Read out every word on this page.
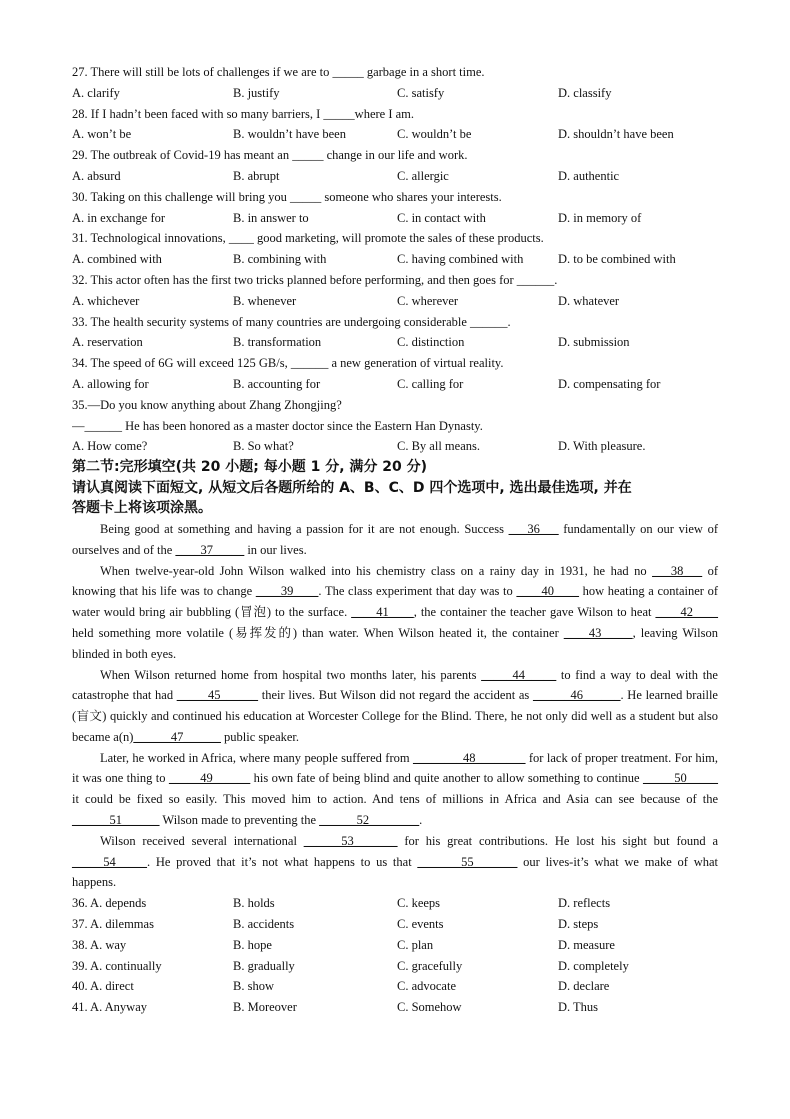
27. There will still be lots of challenges if we are to _____ garbage in a short time.
A. clarify	B. justify	C. satisfy	D. classify
28. If I hadn’t been faced with so many barriers, I _____where I am.
A. won’t be	B. wouldn’t have been	C. wouldn’t be	D. shouldn’t have been
29. The outbreak of Covid-19 has meant an _____ change in our life and work.
A. absurd	B. abrupt	C. allergic	D. authentic
30. Taking on this challenge will bring you _____ someone who shares your interests.
A. in exchange for	B. in answer to	C. in contact with	D. in memory of
31. Technological innovations, ____ good marketing, will promote the sales of these products.
A. combined with	B. combining with	C. having combined with	D. to be combined with
32. This actor often has the first two tricks planned before performing, and then goes for ______.
A. whichever	B. whenever	C. wherever	D. whatever
33. The health security systems of many countries are undergoing considerable ______.
A. reservation	B. transformation	C. distinction	D. submission
34. The speed of 6G will exceed 125 GB/s, ______ a new generation of virtual reality.
A. allowing for	B. accounting for	C. calling for	D. compensating for
35.—Do you know anything about Zhang Zhongjing?
—______ He has been honored as a master doctor since the Eastern Han Dynasty.
A. How come?	B. So what?	C. By all means.	D. With pleasure.
第二节:完形填空(共 20 小题; 每小题 1 分, 满分 20 分)
请认真阅读下面短文, 从短文后各题所给的 A、B、C、D 四个选项中, 选出最佳选项, 并在
答题卡上将该项涂黑。
Being good at something and having a passion for it are not enough. Success ___36___ fundamentally on our view of ourselves and of the ____37_____ in our lives.
When twelve-year-old John Wilson walked into his chemistry class on a rainy day in 1931, he had no ___38___ of knowing that his life was to change ____39____. The class experiment that day was to ____40____ how heating a container of water would bring air bubbling (冒泡) to the surface. ____41____, the container the teacher gave Wilson to heat ____42____ held something more volatile (易挥发的) than water. When Wilson heated it, the container ____43_____, leaving Wilson blinded in both eyes.
When Wilson returned home from hospital two months later, his parents _____44_____ to find a way to deal with the catastrophe that had _____45______ their lives. But Wilson did not regard the accident as ______46______. He learned braille (盲文) quickly and continued his education at Worcester College for the Blind. There, he not only did well as a student but also became a(n)______47______ public speaker.
Later, he worked in Africa, where many people suffered from ________48________ for lack of proper treatment. For him, it was one thing to _____49______ his own fate of being blind and quite another to allow something to continue _____50_____ it could be fixed so easily. This moved him to action. And tens of millions in Africa and Asia can see because of the ______51______ Wilson made to preventing the ______52________.
Wilson received several international ______53_______ for his great contributions. He lost his sight but found a _____54_____. He proved that it’s not what happens to us that _______55_______ our lives-it’s what we make of what happens.
36. A. depends	B. holds	C. keeps	D. reflects
37. A. dilemmas	B. accidents	C. events	D. steps
38. A. way	B. hope	C. plan	D. measure
39. A. continually	B. gradually	C. gracefully	D. completely
40. A. direct	B. show	C. advocate	D. declare
41. A. Anyway	B. Moreover	C. Somehow	D. Thus
